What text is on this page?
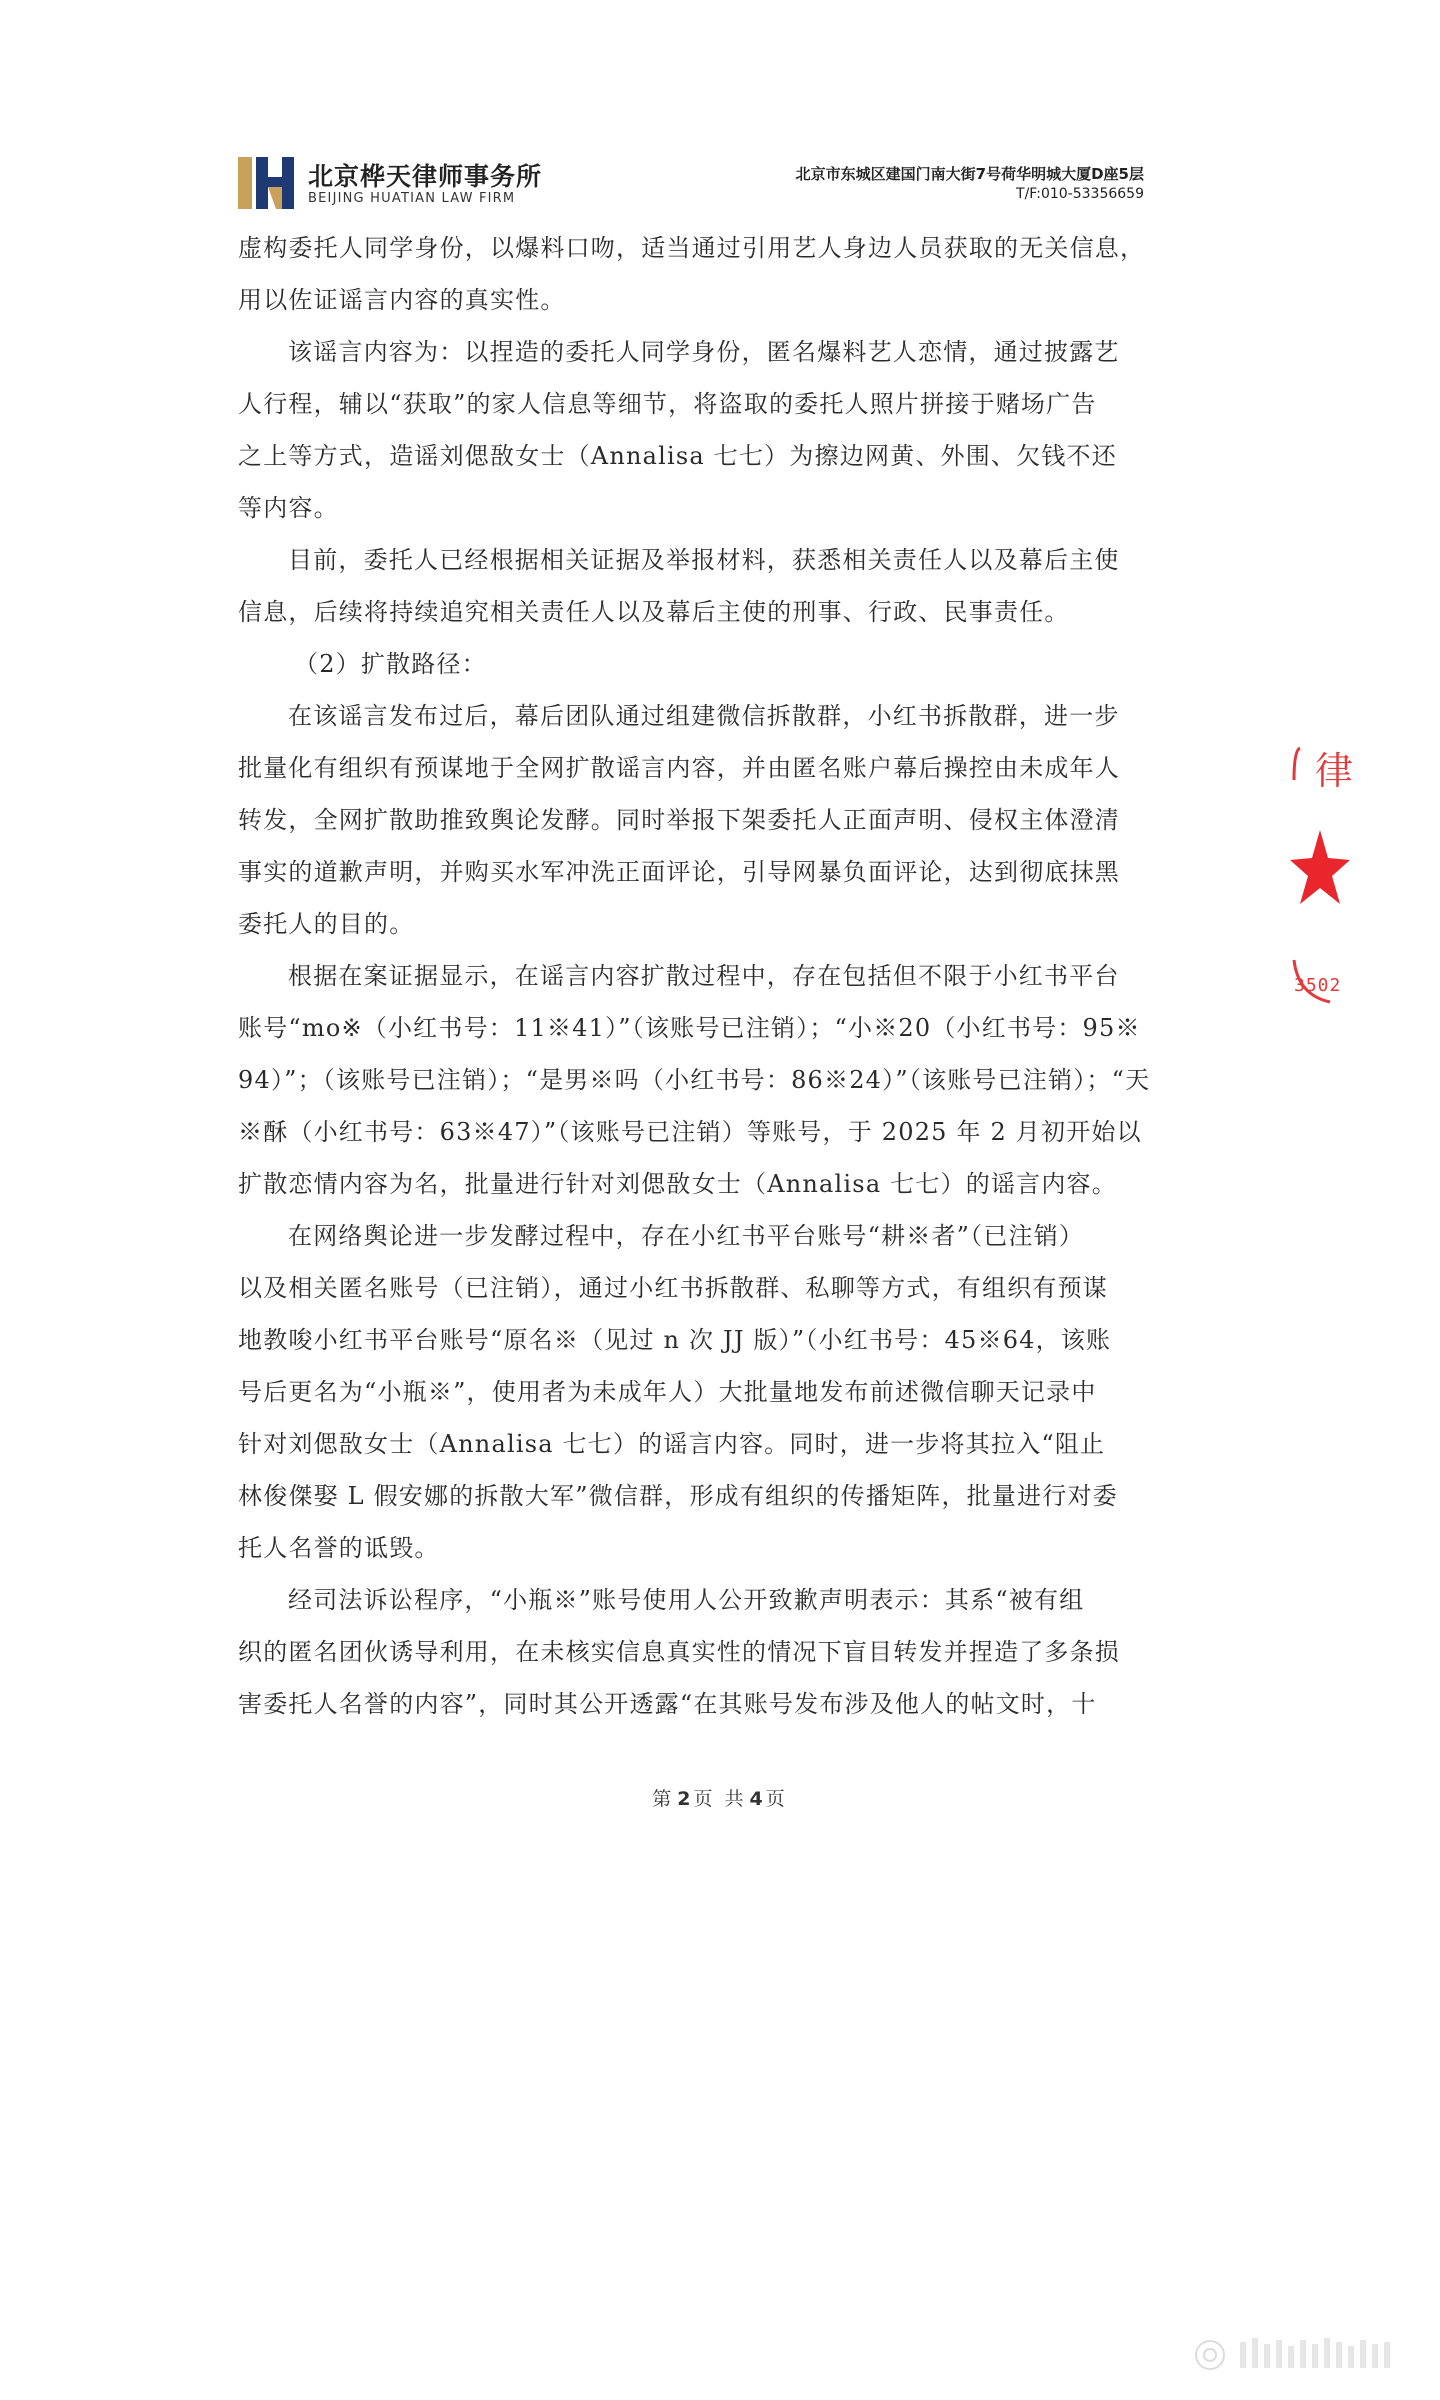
北京桦天律师事务所
BEIJING HUATIAN LAW FIRM
北京市东城区建国门南大街7号荷华明城大厦D座5层
T/F:010-53356659
虚构委托人同学身份，以爆料口吻，适当通过引用艺人身边人员获取的无关信息，
用以佐证谣言内容的真实性。
该谣言内容为：以捏造的委托人同学身份，匿名爆料艺人恋情，通过披露艺
人行程，辅以“获取”的家人信息等细节，将盗取的委托人照片拼接于赌场广告
之上等方式，造谣刘偲敔女士（Annalisa 七七）为擦边网黄、外围、欠钱不还
等内容。
目前，委托人已经根据相关证据及举报材料，获悉相关责任人以及幕后主使
信息，后续将持续追究相关责任人以及幕后主使的刑事、行政、民事责任。
（2）扩散路径：
在该谣言发布过后，幕后团队通过组建微信拆散群，小红书拆散群，进一步
批量化有组织有预谋地于全网扩散谣言内容，并由匿名账户幕后操控由未成年人
转发，全网扩散助推致舆论发酵。同时举报下架委托人正面声明、侵权主体澄清
事实的道歉声明，并购买水军冲洗正面评论，引导网暴负面评论，达到彻底抹黑
委托人的目的。
根据在案证据显示，在谣言内容扩散过程中，存在包括但不限于小红书平台
账号“mo※（小红书号：11※41）”（该账号已注销）；“小※20（小红书号：95※
94）”；（该账号已注销）；“是男※吗（小红书号：86※24）”（该账号已注销）；“天
※酥（小红书号：63※47）”（该账号已注销）等账号，于 2025 年 2 月初开始以
扩散恋情内容为名，批量进行针对刘偲敔女士（Annalisa 七七）的谣言内容。
在网络舆论进一步发酵过程中，存在小红书平台账号“耕※者”（已注销）
以及相关匿名账号（已注销），通过小红书拆散群、私聊等方式，有组织有预谋
地教唆小红书平台账号“原名※（见过 n 次 JJ 版）”（小红书号：45※64，该账
号后更名为“小瓶※”，使用者为未成年人）大批量地发布前述微信聊天记录中
针对刘偲敔女士（Annalisa 七七）的谣言内容。同时，进一步将其拉入“阻止
林俊傑娶 L 假安娜的拆散大军”微信群，形成有组织的传播矩阵，批量进行对委
托人名誉的诋毁。
经司法诉讼程序，“小瓶※”账号使用人公开致歉声明表示：其系“被有组
织的匿名团伙诱导利用，在未核实信息真实性的情况下盲目转发并捏造了多条损
害委托人名誉的内容”，同时其公开透露“在其账号发布涉及他人的帖文时，十
第 2 页 共 4 页
律
3502
